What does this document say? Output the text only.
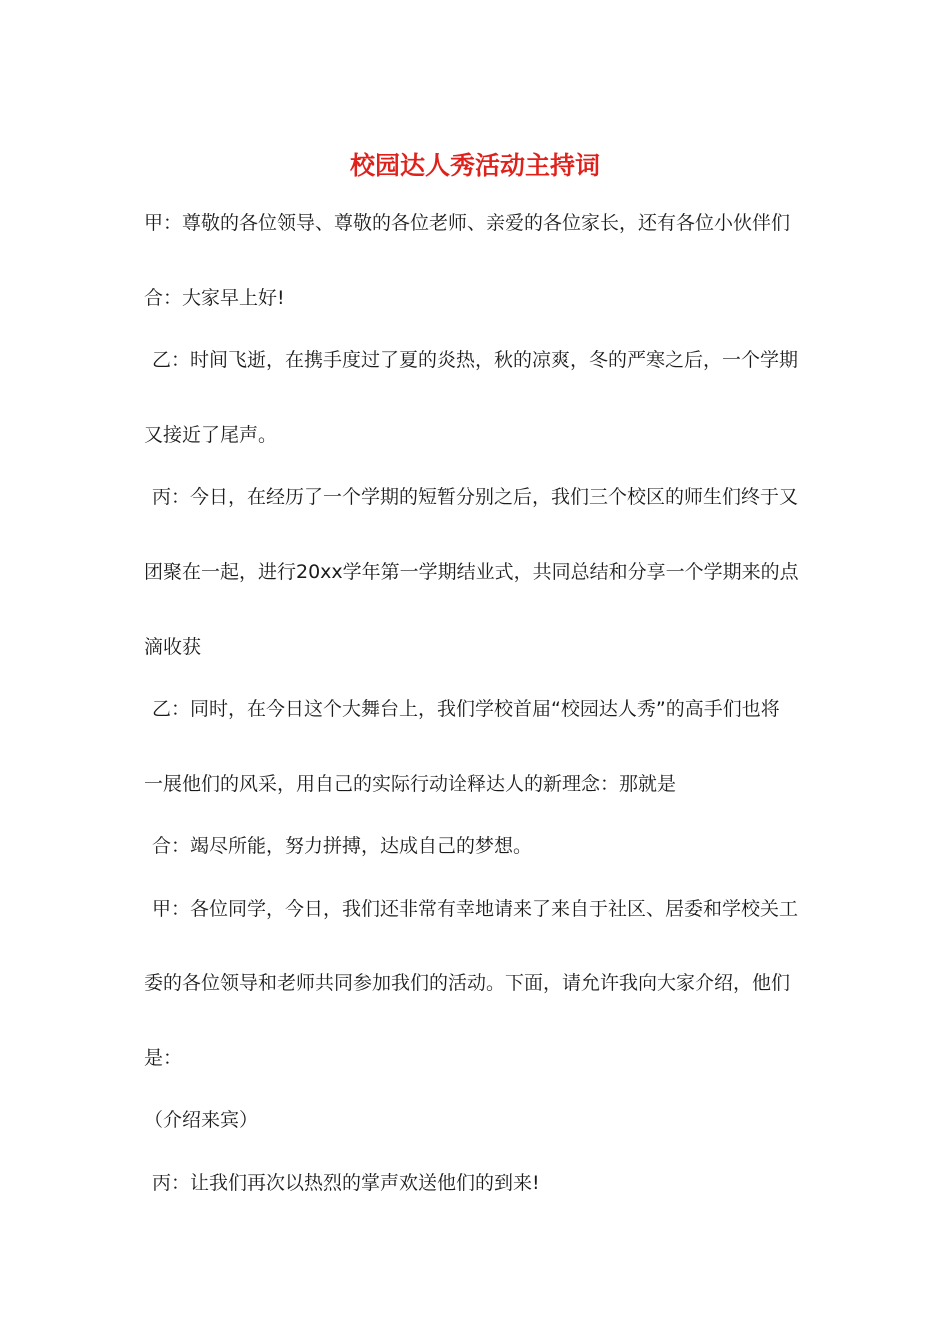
校园达人秀活动主持词

甲：尊敬的各位领导、尊敬的各位老师、亲爱的各位家长，还有各位小伙伴们

合：大家早上好!

乙：时间飞逝，在携手度过了夏的炎热，秋的凉爽，冬的严寒之后，一个学期

又接近了尾声。

丙：今日，在经历了一个学期的短暂分别之后，我们三个校区的师生们终于又

团聚在一起，进行20xx学年第一学期结业式，共同总结和分享一个学期来的点

滴收获

乙：同时，在今日这个大舞台上，我们学校首届“校园达人秀”的高手们也将

一展他们的风采，用自己的实际行动诠释达人的新理念：那就是

合：竭尽所能，努力拼搏，达成自己的梦想。

甲：各位同学，今日，我们还非常有幸地请来了来自于社区、居委和学校关工

委的各位领导和老师共同参加我们的活动。下面，请允许我向大家介绍，他们

是：

（介绍来宾）

丙：让我们再次以热烈的掌声欢送他们的到来!
